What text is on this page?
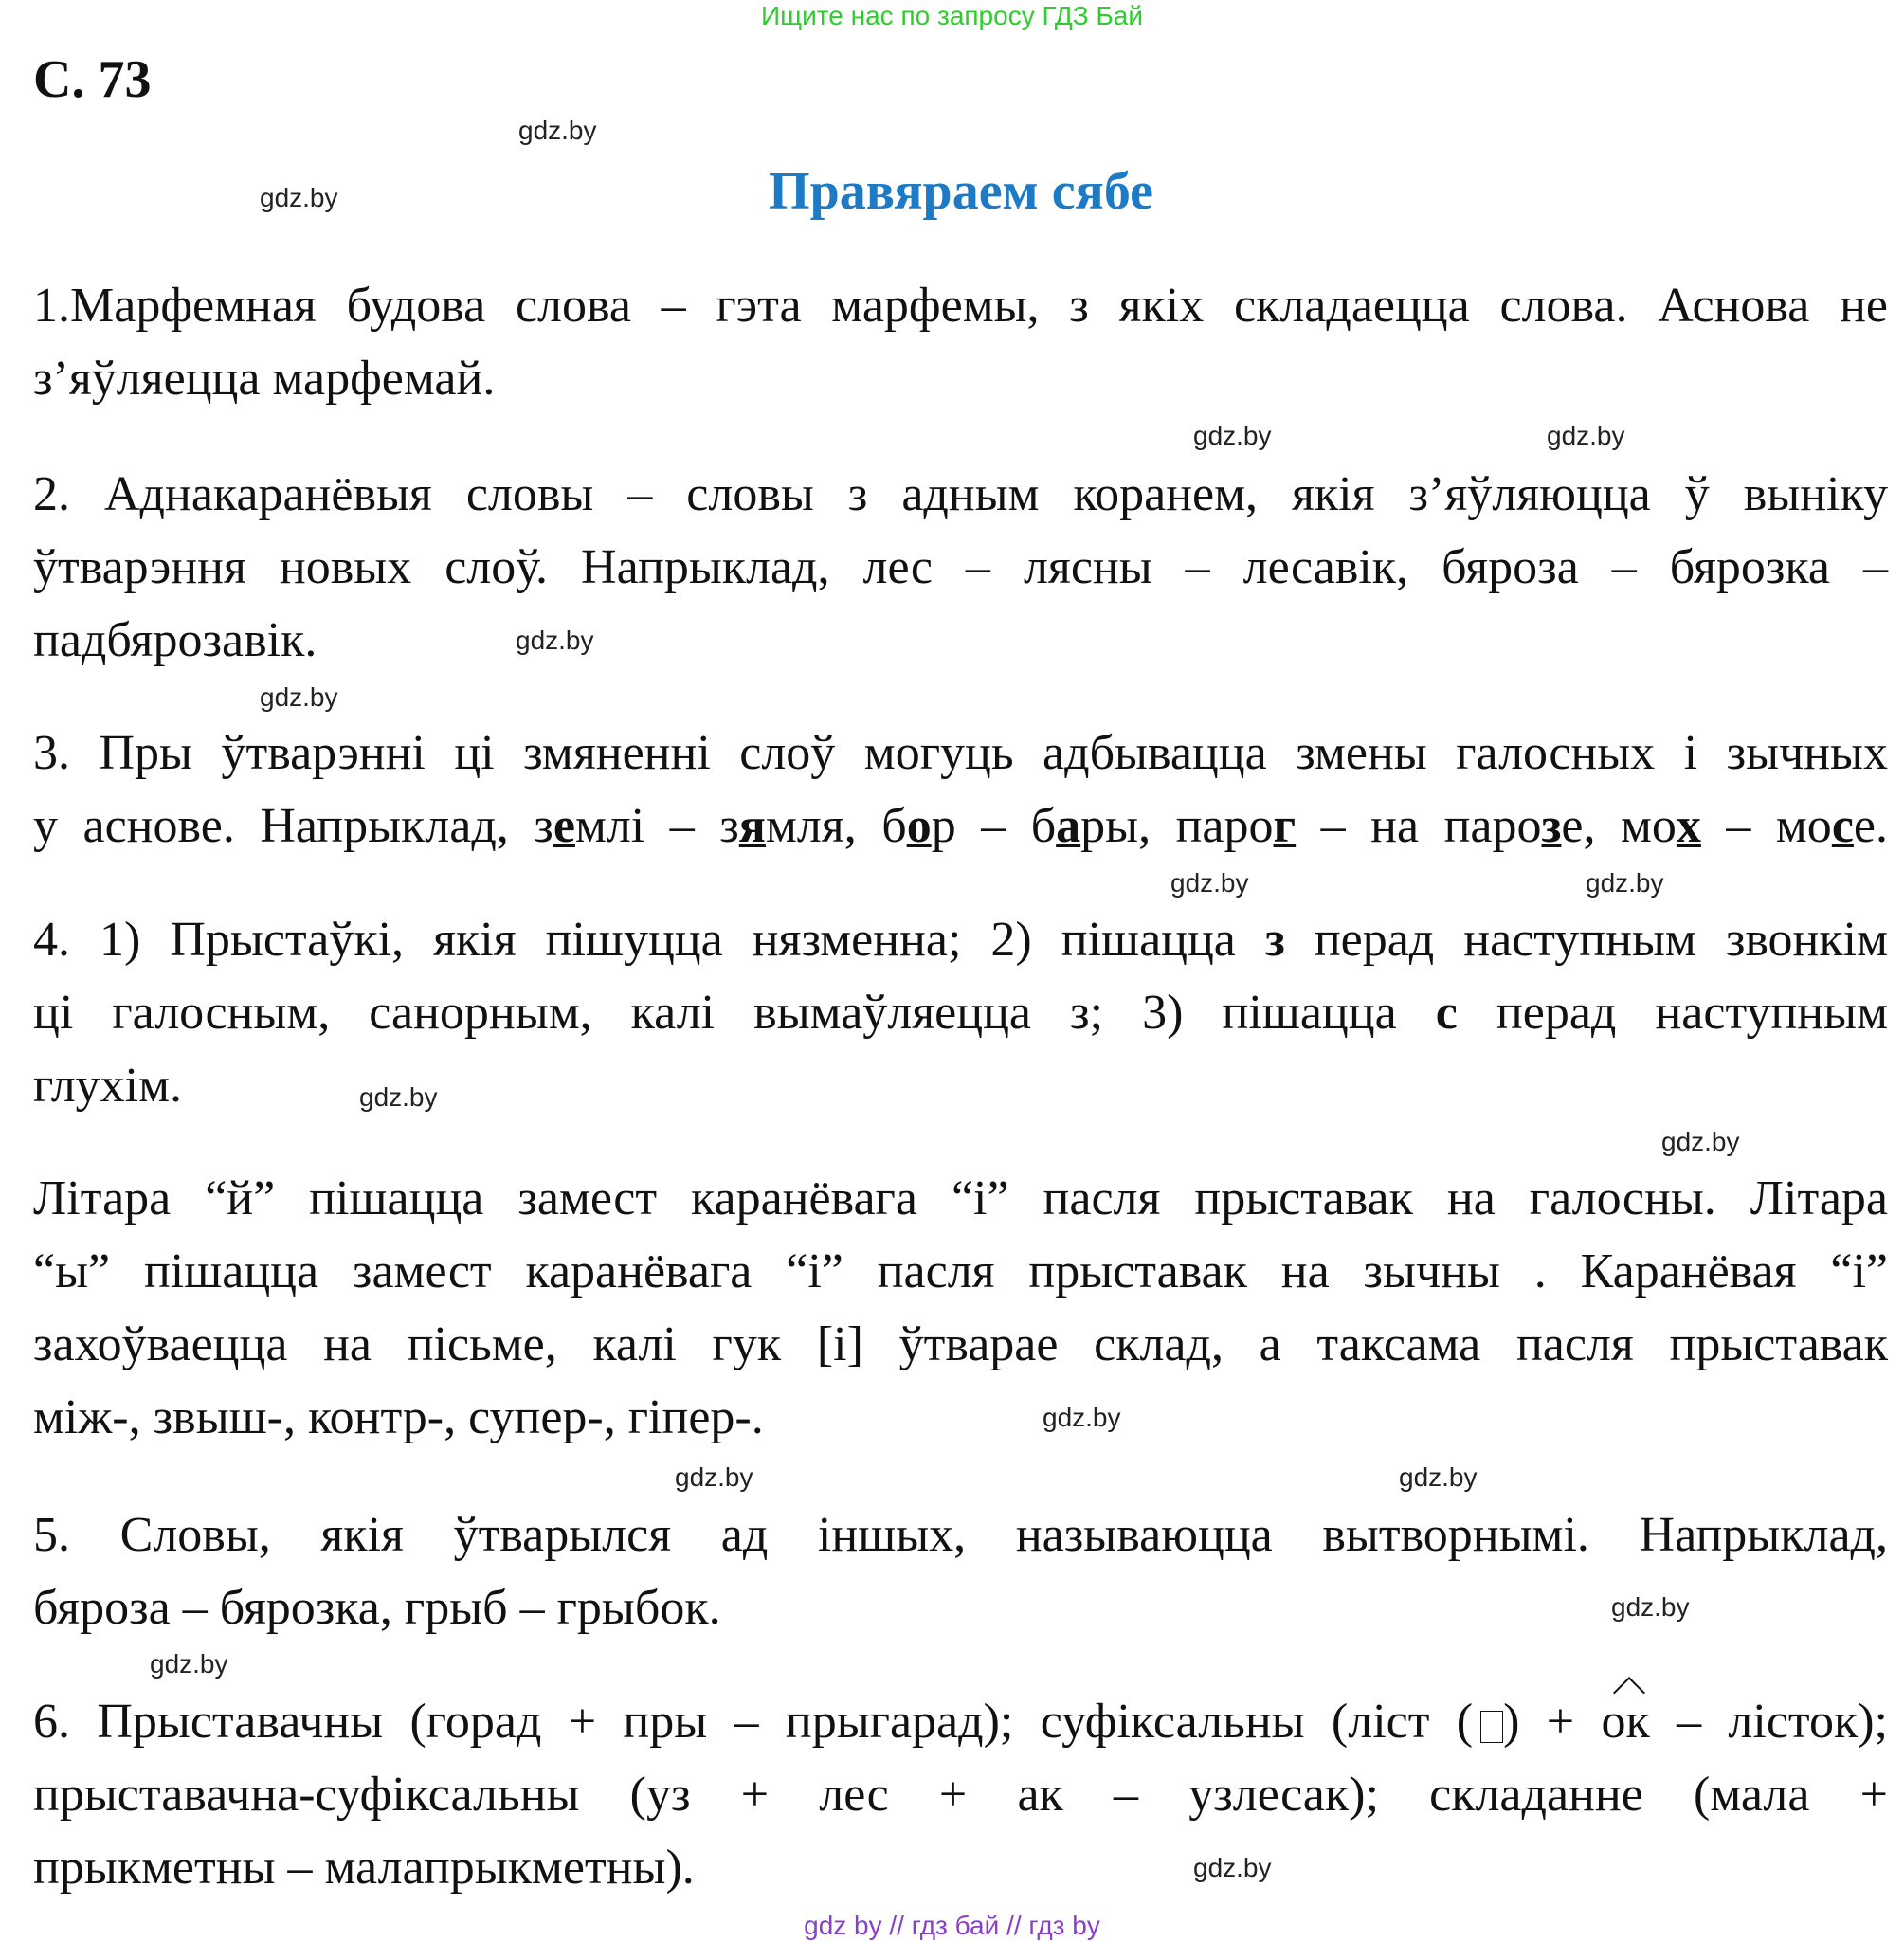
Ищите нас по запросу ГДЗ Бай
С. 73
Правяраем сябе
1.Марфемная будова слова – гэта марфемы, з якіх складаецца слова. Аснова не
з’яўляецца марфемай.
2. Аднакаранёвыя словы – словы з адным коранем, якія з’яўляюцца ў выніку
ўтварэння новых слоў. Напрыклад, лес – лясны – лесавік, бяроза – бярозка –
падбярозавік.
3. Пры ўтварэнні ці змяненні слоў могуць адбывацца змены галосных і зычных
у аснове. Напрыклад, землі – зямля, бор – бары, парог – на парозе, мох – мосе.
4. 1) Прыстаўкі, якія пішуцца нязменна; 2) пішацца з перад наступным звонкім
ці галосным, санорным, калі вымаўляецца з; 3) пішацца с перад наступным
глухім.
Літара “й” пішацца замест каранёвага “і” пасля прыставак на галосны. Літара
“ы” пішацца замест каранёвага “і” пасля прыставак на зычны . Каранёвая “і”
захоўваецца на пісьме, калі гук [і] ўтварае склад, а таксама пасля прыставак
між-, звыш-, контр-, супер-, гіпер-.
5. Словы, якія ўтварылся ад іншых, называюцца вытворнымі. Напрыклад,
бяроза – бярозка, грыб – грыбок.
6. Прыставачны (горад + пры – прыгарад); суфіксальны (ліст ( ) + ок – лісток);
прыставачна-суфіксальны (уз + лес + ак – узлесак); складанне (мала +
прыкметны – малапрыкметны).
gdz.by
gdz.by
gdz.by	gdz.by
gdz.by
gdz.by
gdz.by
gdz.by
gdz.by
gdz.by
gdz.by
gdz.by
gdz.by
gdz.by
gdz.by
gdz.by
gdz by // гдз бай // гдз by
